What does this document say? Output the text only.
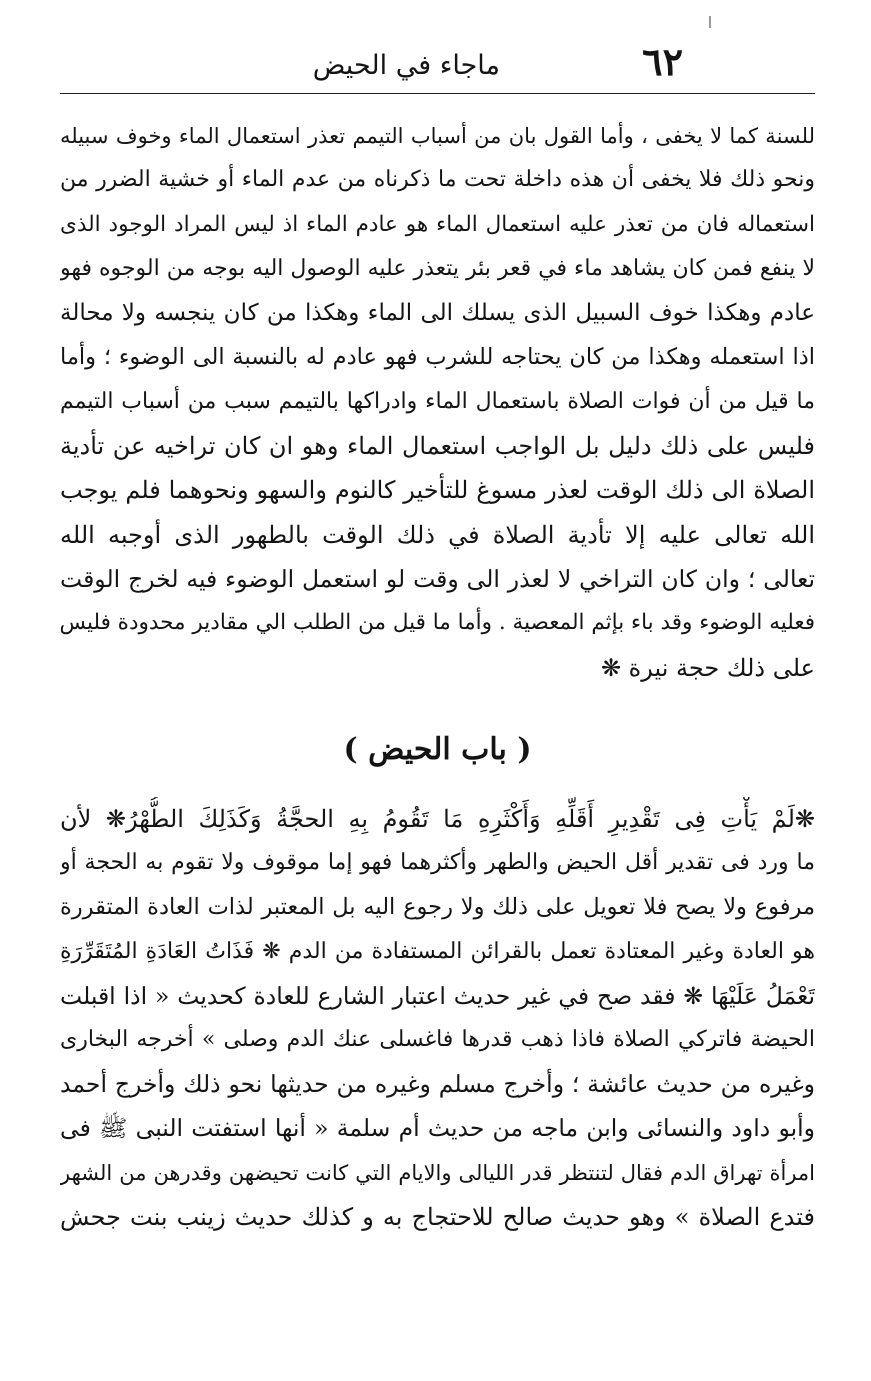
٦٢
ماجاء في الحيض
للسنة كما لا يخفى ، وأما القول بان من أسباب التيمم تعذر استعمال الماء وخوف سبيله
ونحو ذلك فلا يخفى أن هذه داخلة تحت ما ذكرناه من عدم الماء أو خشية الضرر من
استعماله فان من تعذر عليه استعمال الماء هو عادم الماء اذ ليس المراد الوجود الذى
لا ينفع فمن كان يشاهد ماء في قعر بئر يتعذر عليه الوصول اليه بوجه من الوجوه فهو
عادم وهكذا خوف السبيل الذى يسلك الى الماء وهكذا من كان ينجسه ولا محالة
اذا استعمله وهكذا من كان يحتاجه للشرب فهو عادم له بالنسبة الى الوضوء ؛ وأما
ما قيل من أن فوات الصلاة باستعمال الماء وادراكها بالتيمم سبب من أسباب التيمم
فليس على ذلك دليل بل الواجب استعمال الماء وهو ان كان تراخيه عن تأدية
الصلاة الى ذلك الوقت لعذر مسوغ للتأخير كالنوم والسهو ونحوهما فلم يوجب
الله تعالى عليه إلا تأدية الصلاة في ذلك الوقت بالطهور الذى أوجبه الله
تعالى ؛ وان كان التراخي لا لعذر الى وقت لو استعمل الوضوء فيه لخرج الوقت
فعليه الوضوء وقد باء بإثم المعصية . وأما ما قيل من الطلب الي مقادير محدودة فليس
على ذلك حجة نيرة ❋
( باب الحيض )
❋لَمْ يَأْتِ فِى تَقْدِيرِ أَقَلِّهِ وَأَكْثَرِهِ مَا تَقُومُ بِهِ الحجَّةُ وَكَذَلِكَ الطُّهْرُ❋ لأن
ما ورد فى تقدير أقل الحيض والطهر وأكثرهما فهو إما موقوف ولا تقوم به الحجة أو
مرفوع ولا يصح فلا تعويل على ذلك ولا رجوع اليه بل المعتبر لذات العادة المتقررة
هو العادة وغير المعتادة تعمل بالقرائن المستفادة من الدم ❋ فَذَاتُ العَادَةِ المُتَقَرِّرَةِ
تَعْمَلُ عَلَيْهَا ❋ فقد صح في غير حديث اعتبار الشارع للعادة كحديث « اذا اقبلت
الحيضة فاتركي الصلاة فاذا ذهب قدرها فاغسلى عنك الدم وصلى » أخرجه البخارى
وغيره من حديث عائشة ؛ وأخرج مسلم وغيره من حديثها نحو ذلك وأخرج أحمد
وأبو داود والنسائى وابن ماجه من حديث أم سلمة « أنها استفتت النبى ﷺ فى
امرأة تهراق الدم فقال لتنتظر قدر الليالى والايام التي كانت تحيضهن وقدرهن من الشهر
فتدع الصلاة » وهو حديث صالح للاحتجاج به و كذلك حديث زينب بنت جحش
